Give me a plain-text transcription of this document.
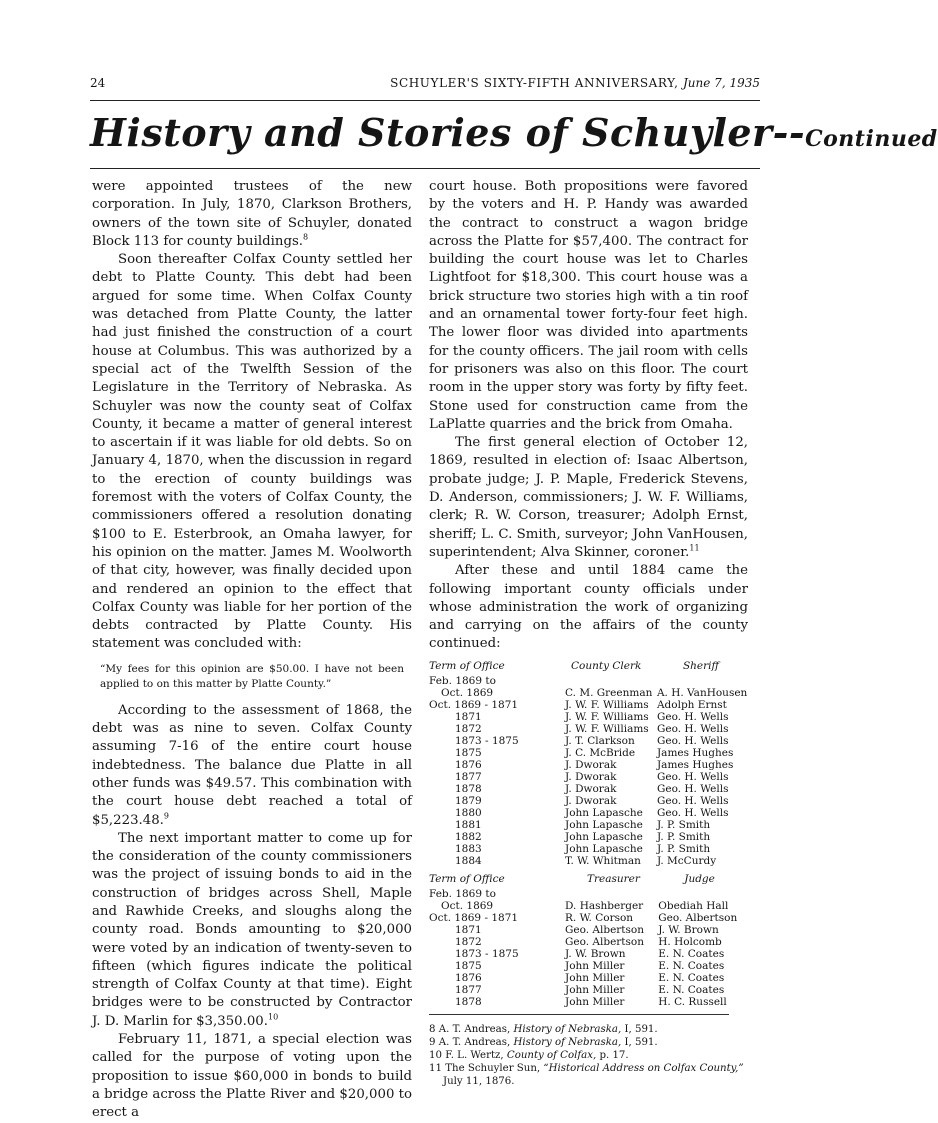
24	SCHUYLER'S SIXTY-FIFTH ANNIVERSARY, June 7, 1935
History and Stories of Schuyler--Continued

were appointed trustees of the new corporation. In July, 1870, Clarkson Brothers, owners of the town site of Schuyler, donated Block 113 for county buildings.$^8$

Soon thereafter Colfax County settled her debt to Platte County. This debt had been argued for some time. When Colfax County was detached from Platte County, the latter had just finished the construction of a court house at Columbus. This was authorized by a special act of the Twelfth Session of the Legislature in the Territory of Nebraska. As Schuyler was now the county seat of Colfax County, it became a matter of general interest to ascertain if it was liable for old debts. So on January 4, 1870, when the discussion in regard to the erection of county buildings was foremost with the voters of Colfax County, the commissioners offered a resolution donating $100 to E. Esterbrook, an Omaha lawyer, for his opinion on the matter. James M. Woolworth of that city, however, was finally decided upon and rendered an opinion to the effect that Colfax County was liable for her portion of the debts contracted by Platte County. His statement was concluded with:

“My fees for this opinion are $50.00. I have not been applied to on this matter by Platte County.”

According to the assessment of 1868, the debt was as nine to seven. Colfax County assuming 7-16 of the entire court house indebtedness. The balance due Platte in all other funds was $49.57. This combination with the court house debt reached a total of $5,223.48.$^9$

The next important matter to come up for the consideration of the county commissioners was the project of issuing bonds to aid in the construction of bridges across Shell, Maple and Rawhide Creeks, and sloughs along the county road. Bonds amounting to $20,000 were voted by an indication of twenty-seven to fifteen (which figures indicate the political strength of Colfax County at that time). Eight bridges were to be constructed by Contractor J. D. Marlin for $3,350.00.10

February 11, 1871, a special election was called for the purpose of voting upon the proposition to issue $60,000 in bonds to build a bridge across the Platte River and $20,000 to erect a

court house. Both propositions were favored by the voters and H. P. Handy was awarded the contract to construct a wagon bridge across the Platte for $57,400. The contract for building the court house was let to Charles Lightfoot for $18,300. This court house was a brick structure two stories high with a tin roof and an ornamental tower forty-four feet high. The lower floor was divided into apartments for the county officers. The jail room with cells for prisoners was also on this floor. The court room in the upper story was forty by fifty feet. Stone used for construction came from the LaPlatte quarries and the brick from Omaha.

The first general election of October 12, 1869, resulted in election of: Isaac Albertson, probate judge; J. P. Maple, Frederick Stevens, D. Anderson, commissioners; J. W. F. Williams, clerk; R. W. Corson, treasurer; Adolph Ernst, sheriff; L. C. Smith, surveyor; John VanHousen, superintendent; Alva Skinner, coroner.$^{11}$

After these and until 1884 came the following important county officials under whose administration the work of organizing and carrying on the affairs of the county continued:

Term of Office	County Clerk	Sheriff
Feb. 1869 to		
Oct. 1869	C. M. Greenman	A. H. VanHousen
Oct. 1869 - 1871	J. W. F. Williams	Adolph Ernst
1871	J. W. F. Williams	Geo. H. Wells
1872	J. W. F. Williams	Geo. H. Wells
1873 - 1875	J. T. Clarkson	Geo. H. Wells
1875	J. C. McBride	James Hughes
1876	J. Dworak	James Hughes
1877	J. Dworak	Geo. H. Wells
1878	J. Dworak	Geo. H. Wells
1879	J. Dworak	Geo. H. Wells
1880	John Lapasche	Geo. H. Wells
1881	John Lapasche	J. P. Smith
1882	John Lapasche	J. P. Smith
1883	John Lapasche	J. P. Smith
1884	T. W. Whitman	J. McCurdy
Term of Office	Treasurer	Judge
Feb. 1869 to		
Oct. 1869	D. Hashberger	Obediah Hall
Oct. 1869 - 1871	R. W. Corson	Geo. Albertson
1871	Geo. Albertson	J. W. Brown
1872	Geo. Albertson	H. Holcomb
1873 - 1875	J. W. Brown	E. N. Coates
1875	John Miller	E. N. Coates
1876	John Miller	E. N. Coates
1877	John Miller	E. N. Coates
1878	John Miller	H. C. Russell
8 A. T. Andreas, History of Nebraska, I, 591.
9 A. T. Andreas, History of Nebraska, I, 591.
10 F. L. Wertz, County of Colfax, p. 17.
11 The Schuyler Sun, “Historical Address on Colfax County,” July 11, 1876.
